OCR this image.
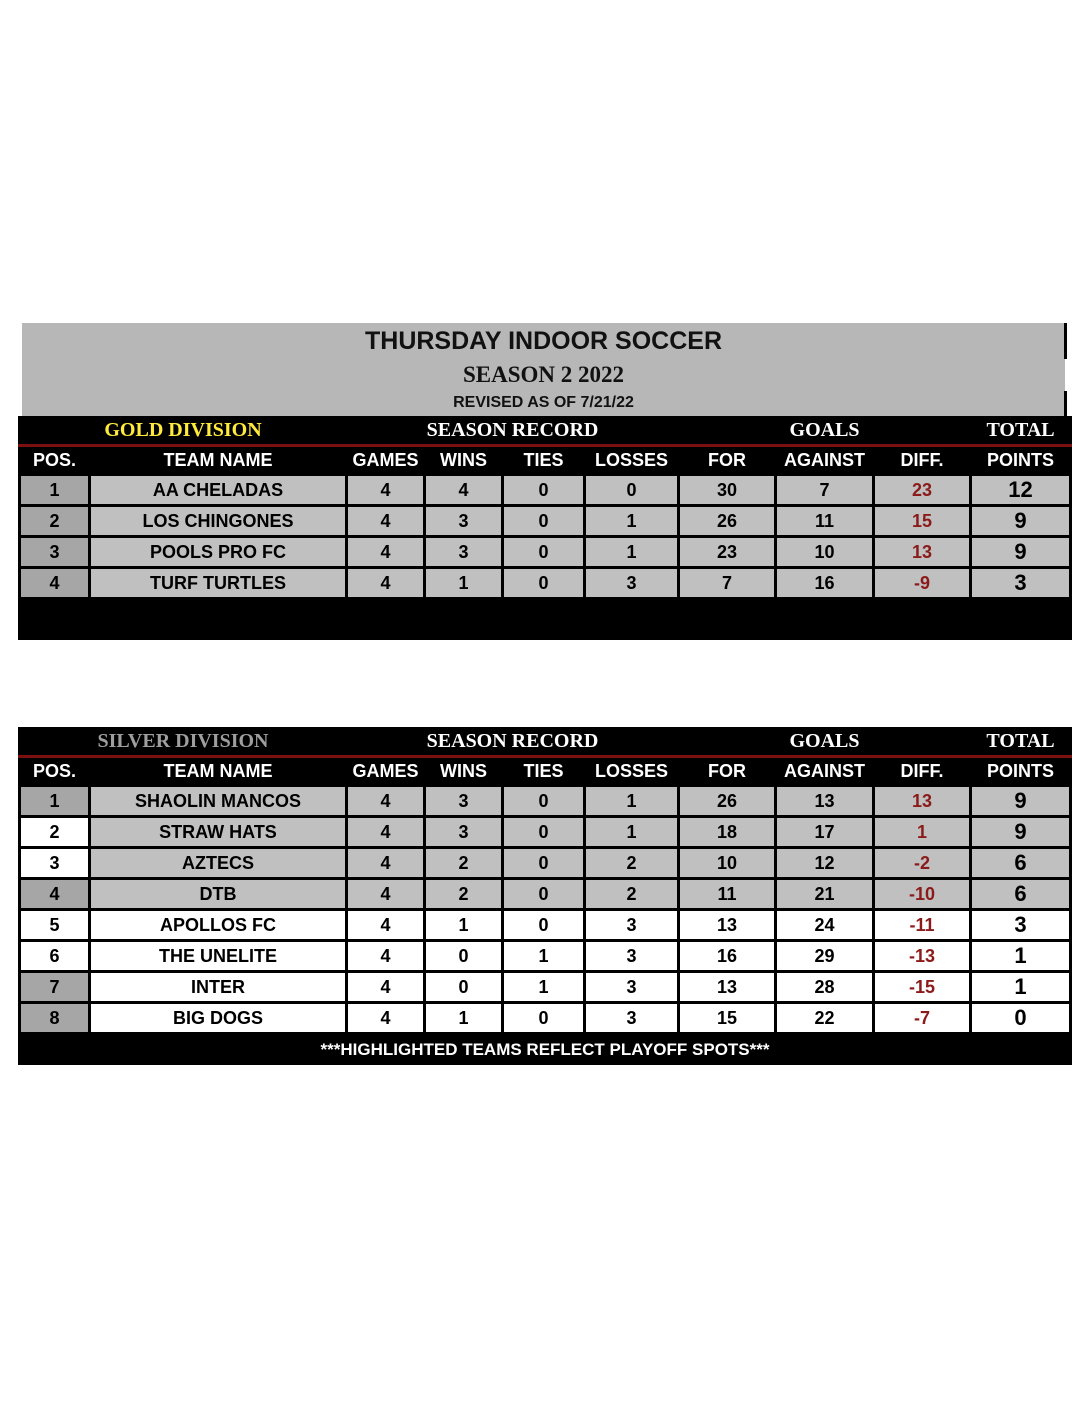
THURSDAY INDOOR SOCCER
SEASON 2 2022
REVISED AS OF 7/21/22
GOLD DIVISION		SEASON RECORD				GOALS			TOTAL
POS.	TEAM NAME	GAMES	WINS	TIES	LOSSES	FOR	AGAINST	DIFF.	POINTS
1	AA CHELADAS	4	4	0	0	30	7	23	12
2	LOS CHINGONES	4	3	0	1	26	11	15	9
3	POOLS PRO FC	4	3	0	1	23	10	13	9
4	TURF TURTLES	4	1	0	3	7	16	-9	3

SILVER DIVISION		SEASON RECORD				GOALS			TOTAL
POS.	TEAM NAME	GAMES	WINS	TIES	LOSSES	FOR	AGAINST	DIFF.	POINTS
1	SHAOLIN MANCOS	4	3	0	1	26	13	13	9
2	STRAW HATS	4	3	0	1	18	17	1	9
3	AZTECS	4	2	0	2	10	12	-2	6
4	DTB	4	2	0	2	11	21	-10	6
5	APOLLOS FC	4	1	0	3	13	24	-11	3
6	THE UNELITE	4	0	1	3	16	29	-13	1
7	INTER	4	0	1	3	13	28	-15	1
8	BIG DOGS	4	1	0	3	15	22	-7	0
***HIGHLIGHTED TEAMS REFLECT PLAYOFF SPOTS***									
